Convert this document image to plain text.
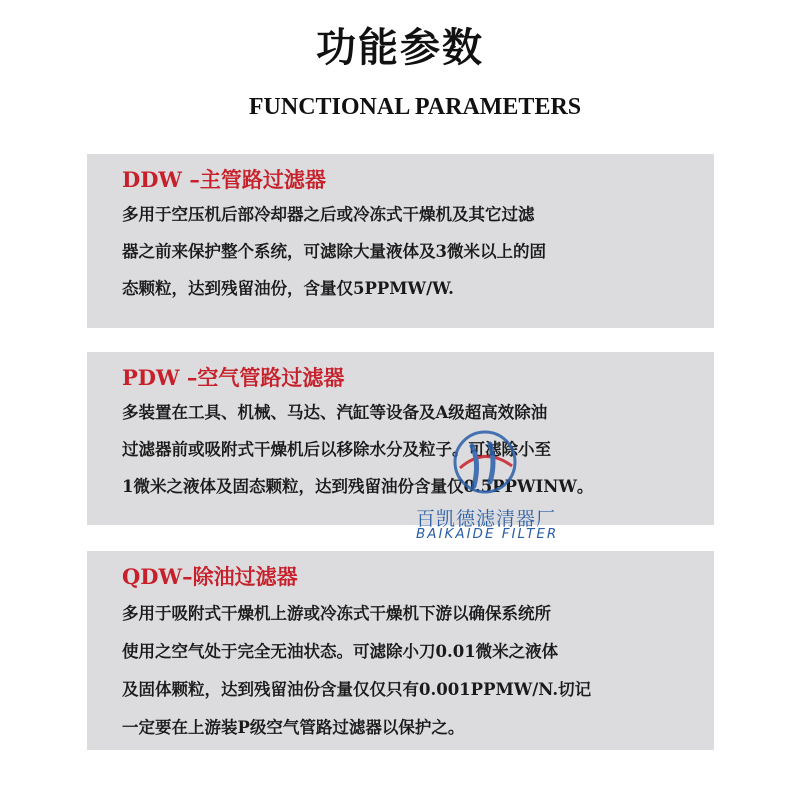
功能参数
FUNCTIONAL PARAMETERS
DDW –主管路过滤器
多用于空压机后部冷却器之后或冷冻式干燥机及其它过滤
器之前来保护整个系统，可滤除大量液体及3微米以上的固
态颗粒，达到残留油份，含量仅5PPMW/W.
PDW –空气管路过滤器
多装置在工具、机械、马达、汽缸等设备及A级超高效除油
过滤器前或吸附式干燥机后以移除水分及粒子。可滤除小至
1微米之液体及固态颗粒，达到残留油份含量仅0.5PPWINW。
QDW–除油过滤器
多用于吸附式干燥机上游或冷冻式干燥机下游以确保系统所
使用之空气处于完全无油状态。可滤除小刀0.01微米之液体
及固体颗粒，达到残留油份含量仅仅只有0.001PPMW/N.切记
一定要在上游装P级空气管路过滤器以保护之。
百凯德滤清器厂
BAIKAIDE FILTER
